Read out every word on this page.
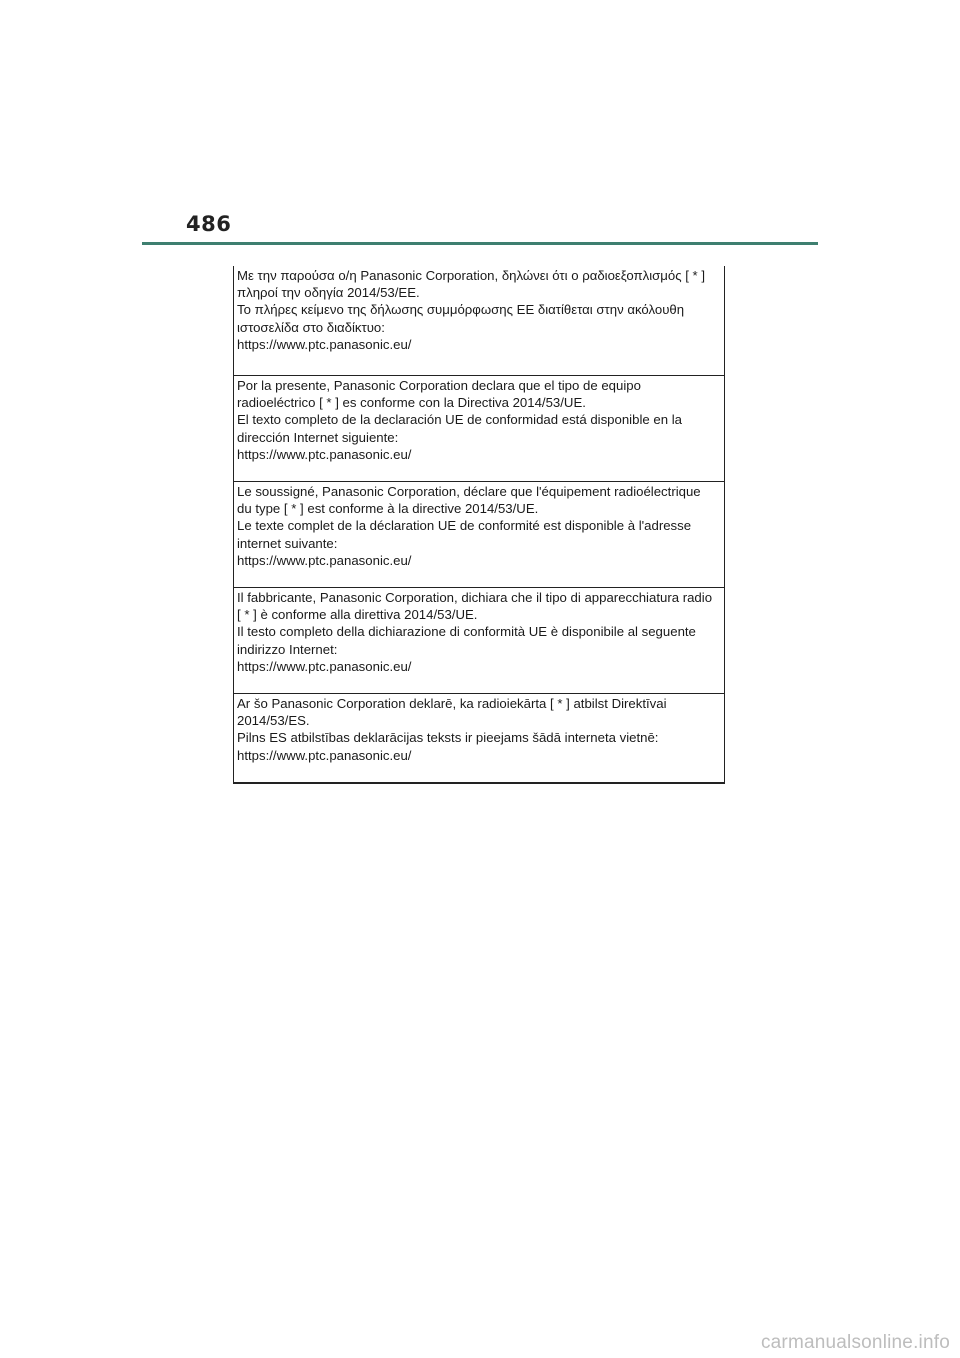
486
Με την παρούσα ο/η Panasonic Corporation, δηλώνει ότι ο ραδιοεξοπλισμός [ * ]
πληροί την οδηγία 2014/53/ΕΕ.
Το πλήρες κείμενο της δήλωσης συμμόρφωσης ΕΕ διατίθεται στην ακόλουθη
ιστοσελίδα στο διαδίκτυο:
https://www.ptc.panasonic.eu/
Por la presente, Panasonic Corporation declara que el tipo de equipo
radioeléctrico [ * ] es conforme con la Directiva 2014/53/UE.
El texto completo de la declaración UE de conformidad está disponible en la
dirección Internet siguiente:
https://www.ptc.panasonic.eu/
Le soussigné, Panasonic Corporation, déclare que l'équipement radioélectrique
du type [ * ] est conforme à la directive 2014/53/UE.
Le texte complet de la déclaration UE de conformité est disponible à l'adresse
internet suivante:
https://www.ptc.panasonic.eu/
Il fabbricante, Panasonic Corporation, dichiara che il tipo di apparecchiatura radio
[ * ] è conforme alla direttiva 2014/53/UE.
Il testo completo della dichiarazione di conformità UE è disponibile al seguente
indirizzo Internet:
https://www.ptc.panasonic.eu/
Ar šo Panasonic Corporation deklarē, ka radioiekārta [ * ] atbilst Direktīvai
2014/53/ES.
Pilns ES atbilstības deklarācijas teksts ir pieejams šādā interneta vietnē:
https://www.ptc.panasonic.eu/
carmanualsonline.info
